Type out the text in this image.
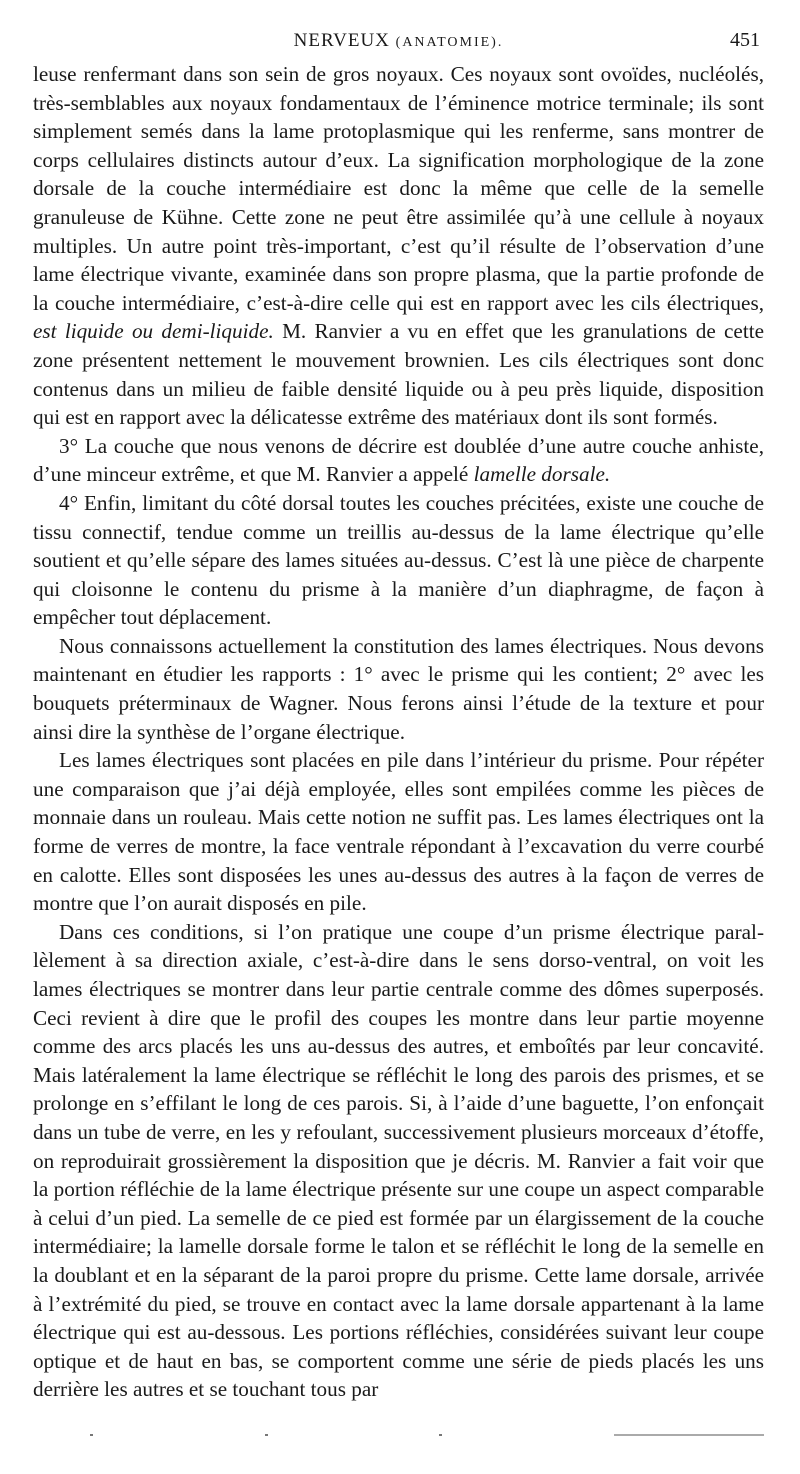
NERVEUX (ANATOMIE).	451

leuse renfermant dans son sein de gros noyaux. Ces noyaux sont ovoïdes, nucléolés, très-semblables aux noyaux fondamentaux de l’éminence motrice terminale; ils sont simplement semés dans la lame protoplasmique qui les renferme, sans montrer de corps cellulaires distincts autour d’eux. La signification morphologique de la zone dorsale de la couche intermédiaire est donc la même que celle de la semelle granuleuse de Kühne. Cette zone ne peut être assimilée qu’à une cellule à noyaux multiples. Un autre point très-important, c’est qu’il résulte de l’observation d’une lame électrique vivante, examinée dans son propre plasma, que la partie profonde de la couche intermédiaire, c’est-à-dire celle qui est en rapport avec les cils électriques, est liquide ou demi-liquide. M. Ranvier a vu en effet que les granulations de cette zone présentent nettement le mouvement brownien. Les cils électriques sont donc contenus dans un milieu de faible densité liquide ou à peu près liquide, disposition qui est en rapport avec la délicatesse extrême des matériaux dont ils sont formés.

3° La couche que nous venons de décrire est doublée d’une autre couche anhiste, d’une minceur extrême, et que M. Ranvier a appelé lamelle dorsale.

4° Enfin, limitant du côté dorsal toutes les couches précitées, existe une couche de tissu connectif, tendue comme un treillis au-dessus de la lame électrique qu’elle soutient et qu’elle sépare des lames situées au-dessus. C’est là une pièce de charpente qui cloisonne le contenu du prisme à la manière d’un diaphragme, de façon à empêcher tout déplacement.

Nous connaissons actuellement la constitution des lames électriques. Nous devons maintenant en étudier les rapports : 1° avec le prisme qui les contient; 2° avec les bouquets préterminaux de Wagner. Nous ferons ainsi l’étude de la texture et pour ainsi dire la synthèse de l’organe électrique.

Les lames électriques sont placées en pile dans l’intérieur du prisme. Pour répéter une comparaison que j’ai déjà employée, elles sont empilées comme les pièces de monnaie dans un rouleau. Mais cette notion ne suffit pas. Les lames électriques ont la forme de verres de montre, la face ventrale répondant à l’excavation du verre courbé en calotte. Elles sont disposées les unes au-dessus des autres à la façon de verres de montre que l’on aurait disposés en pile.

Dans ces conditions, si l’on pratique une coupe d’un prisme électrique parallèlement à sa direction axiale, c’est-à-dire dans le sens dorso-ventral, on voit les lames électriques se montrer dans leur partie centrale comme des dômes superposés. Ceci revient à dire que le profil des coupes les montre dans leur partie moyenne comme des arcs placés les uns au-dessus des autres, et emboîtés par leur concavité. Mais latéralement la lame électrique se réfléchit le long des parois des prismes, et se prolonge en s’effilant le long de ces parois. Si, à l’aide d’une baguette, l’on enfonçait dans un tube de verre, en les y refoulant, successivement plusieurs morceaux d’étoffe, on reproduirait grossièrement la disposition que je décris. M. Ranvier a fait voir que la portion réfléchie de la lame électrique présente sur une coupe un aspect comparable à celui d’un pied. La semelle de ce pied est formée par un élargissement de la couche intermédiaire; la lamelle dorsale forme le talon et se réfléchit le long de la semelle en la doublant et en la séparant de la paroi propre du prisme. Cette lame dorsale, arrivée à l’extrémité du pied, se trouve en contact avec la lame dorsale appartenant à la lame électrique qui est au-dessous. Les portions réfléchies, considérées suivant leur coupe optique et de haut en bas, se comportent comme une série de pieds placés les uns derrière les autres et se touchant tous par
